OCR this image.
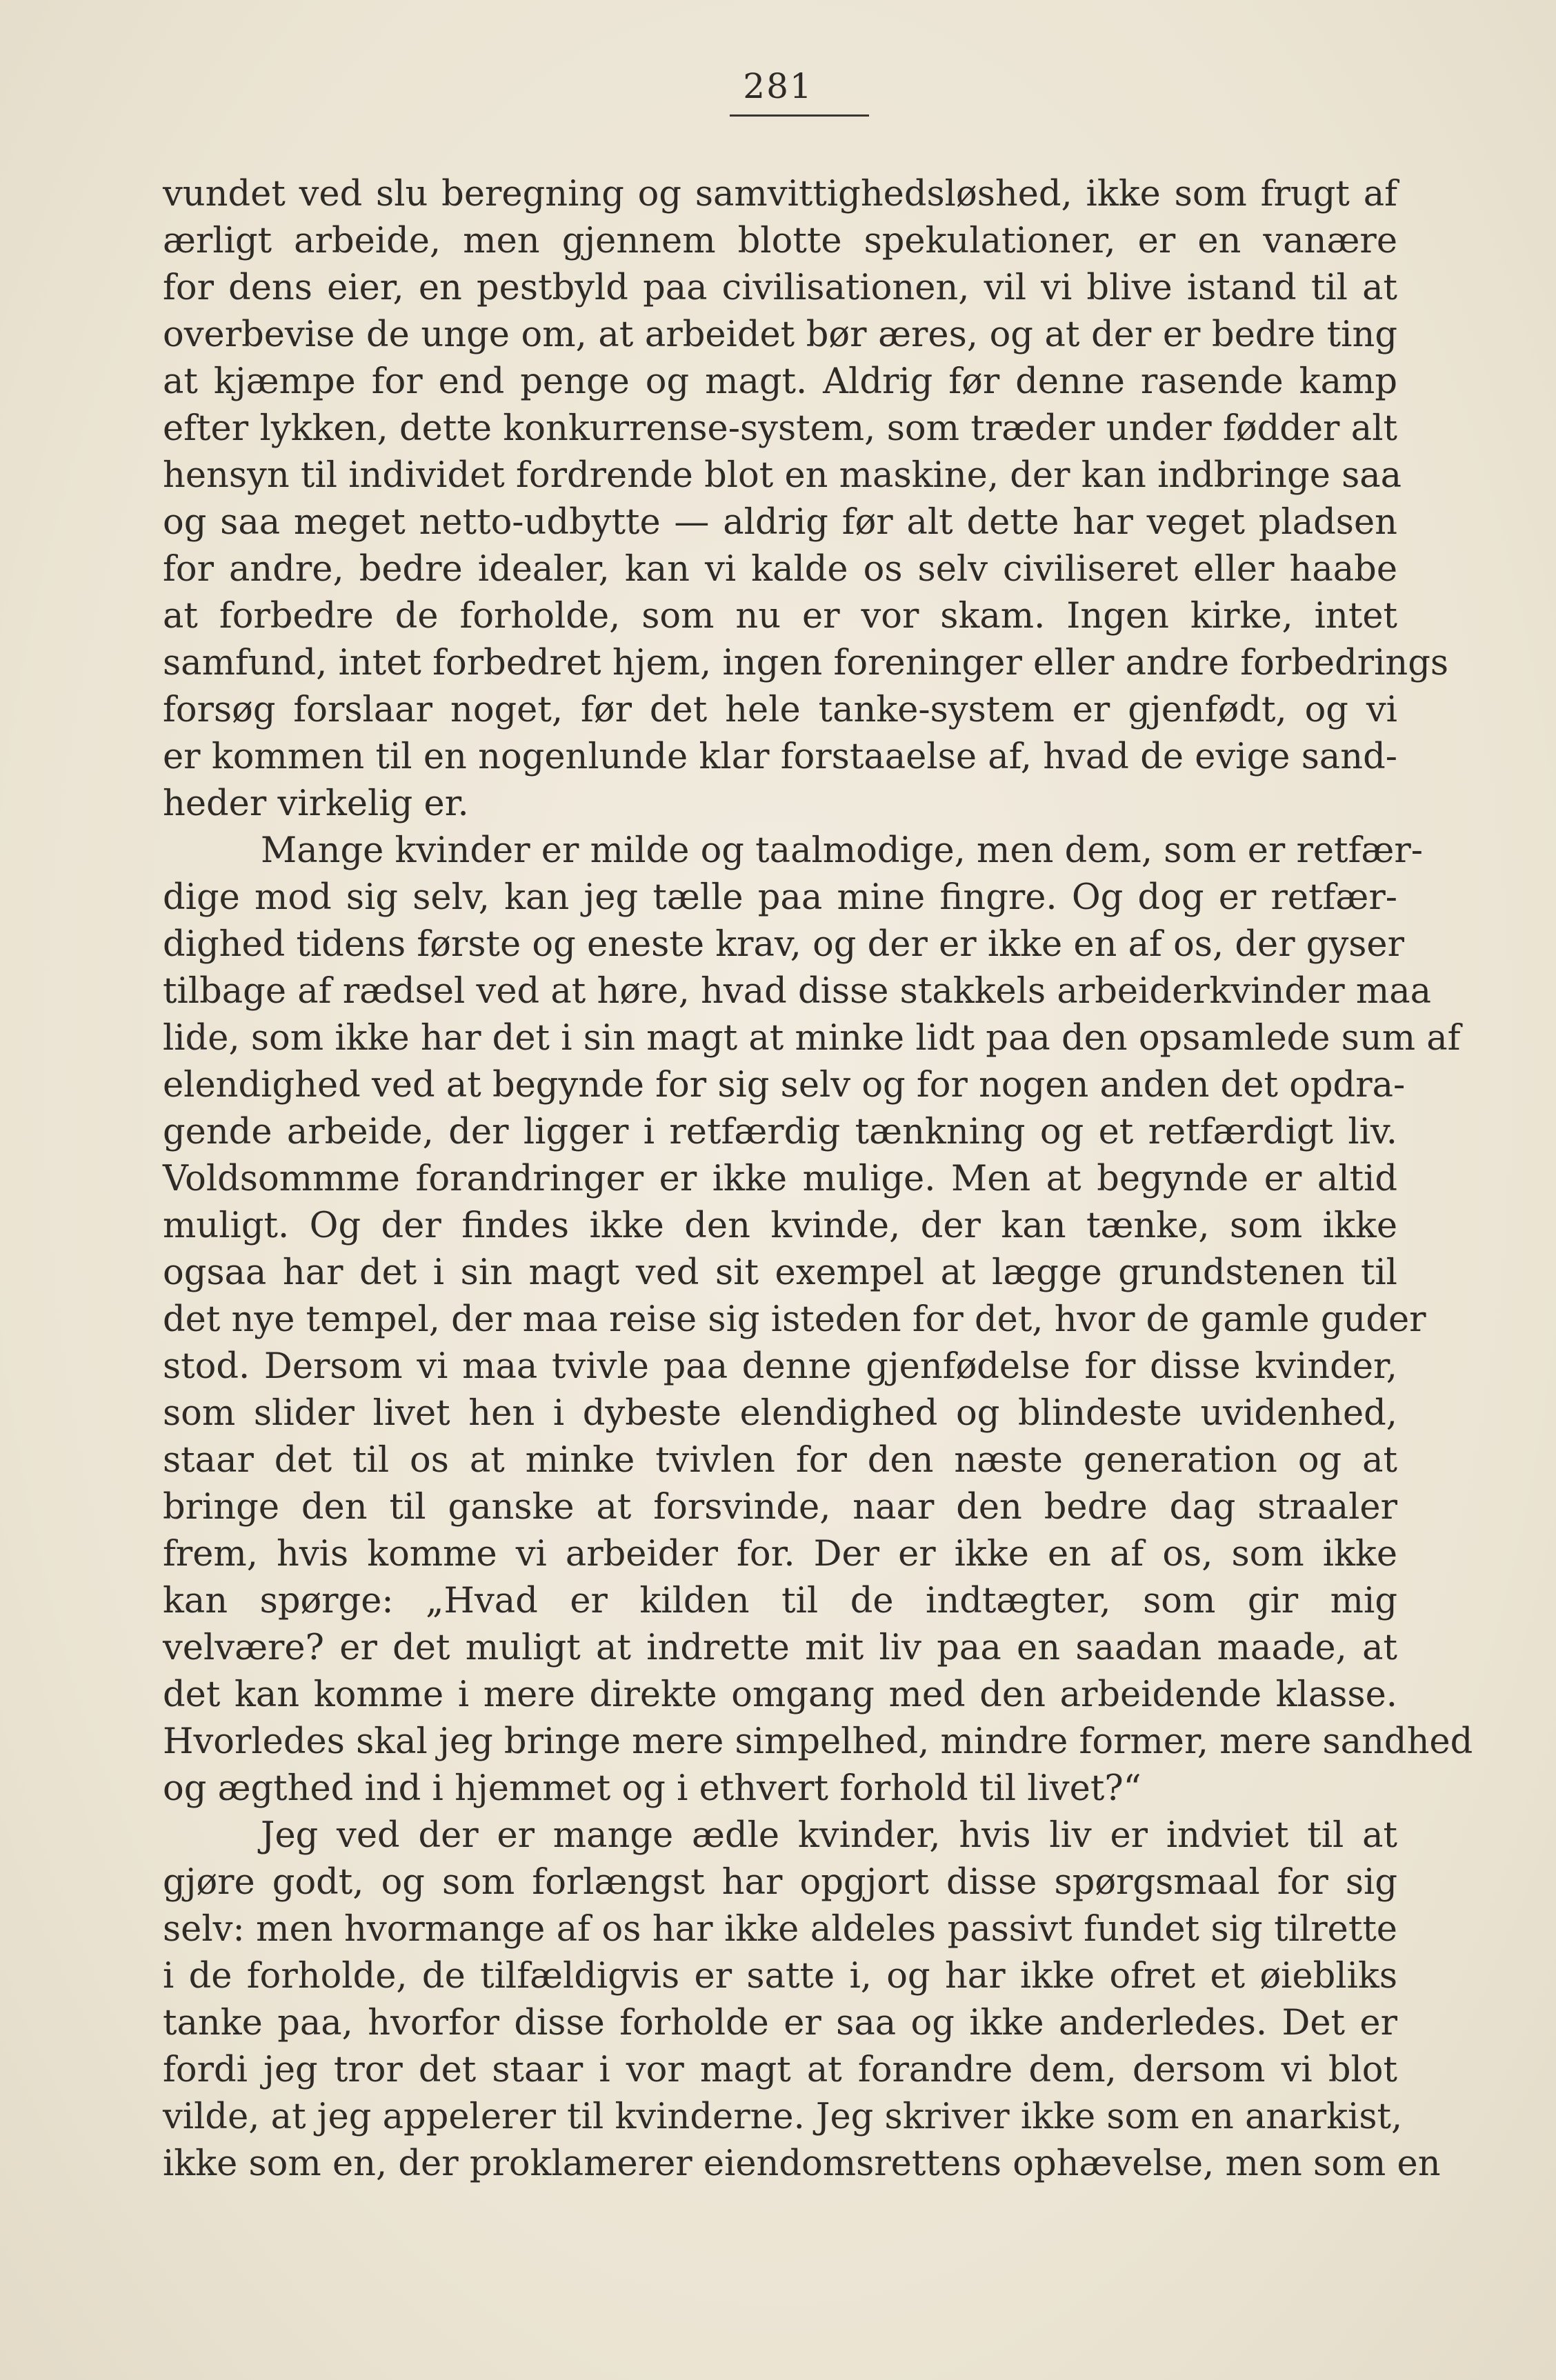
281
vundet ved slu beregning og samvittighedsløshed, ikke som frugt af
ærligt arbeide, men gjennem blotte spekulationer, er en vanære
for dens eier, en pestbyld paa civilisationen, vil vi blive istand til at
overbevise de unge om, at arbeidet bør æres, og at der er bedre ting
at kjæmpe for end penge og magt. Aldrig før denne rasende kamp
efter lykken, dette konkurrense-system, som træder under fødder alt
hensyn til individet fordrende blot en maskine, der kan indbringe saa
og saa meget netto-udbytte — aldrig før alt dette har veget pladsen
for andre, bedre idealer, kan vi kalde os selv civiliseret eller haabe
at forbedre de forholde, som nu er vor skam. Ingen kirke, intet
samfund, intet forbedret hjem, ingen foreninger eller andre forbedrings
forsøg forslaar noget, før det hele tanke-system er gjenfødt, og vi
er kommen til en nogenlunde klar forstaaelse af, hvad de evige sand-
heder virkelig er.
Mange kvinder er milde og taalmodige, men dem, som er retfær-
dige mod sig selv, kan jeg tælle paa mine fingre. Og dog er retfær-
dighed tidens første og eneste krav, og der er ikke en af os, der gyser
tilbage af rædsel ved at høre, hvad disse stakkels arbeiderkvinder maa
lide, som ikke har det i sin magt at minke lidt paa den opsamlede sum af
elendighed ved at begynde for sig selv og for nogen anden det opdra-
gende arbeide, der ligger i retfærdig tænkning og et retfærdigt liv.
Voldsommme forandringer er ikke mulige. Men at begynde er altid
muligt. Og der findes ikke den kvinde, der kan tænke, som ikke
ogsaa har det i sin magt ved sit exempel at lægge grundstenen til
det nye tempel, der maa reise sig isteden for det, hvor de gamle guder
stod. Dersom vi maa tvivle paa denne gjenfødelse for disse kvinder,
som slider livet hen i dybeste elendighed og blindeste uvidenhed,
staar det til os at minke tvivlen for den næste generation og at
bringe den til ganske at forsvinde, naar den bedre dag straaler
frem, hvis komme vi arbeider for. Der er ikke en af os, som ikke
kan spørge: „Hvad er kilden til de indtægter, som gir mig
velvære? er det muligt at indrette mit liv paa en saadan maade, at
det kan komme i mere direkte omgang med den arbeidende klasse.
Hvorledes skal jeg bringe mere simpelhed, mindre former, mere sandhed
og ægthed ind i hjemmet og i ethvert forhold til livet?“
Jeg ved der er mange ædle kvinder, hvis liv er indviet til at
gjøre godt, og som forlængst har opgjort disse spørgsmaal for sig
selv: men hvormange af os har ikke aldeles passivt fundet sig tilrette
i de forholde, de tilfældigvis er satte i, og har ikke ofret et øiebliks
tanke paa, hvorfor disse forholde er saa og ikke anderledes. Det er
fordi jeg tror det staar i vor magt at forandre dem, dersom vi blot
vilde, at jeg appelerer til kvinderne. Jeg skriver ikke som en anarkist,
ikke som en, der proklamerer eiendomsrettens ophævelse, men som en
